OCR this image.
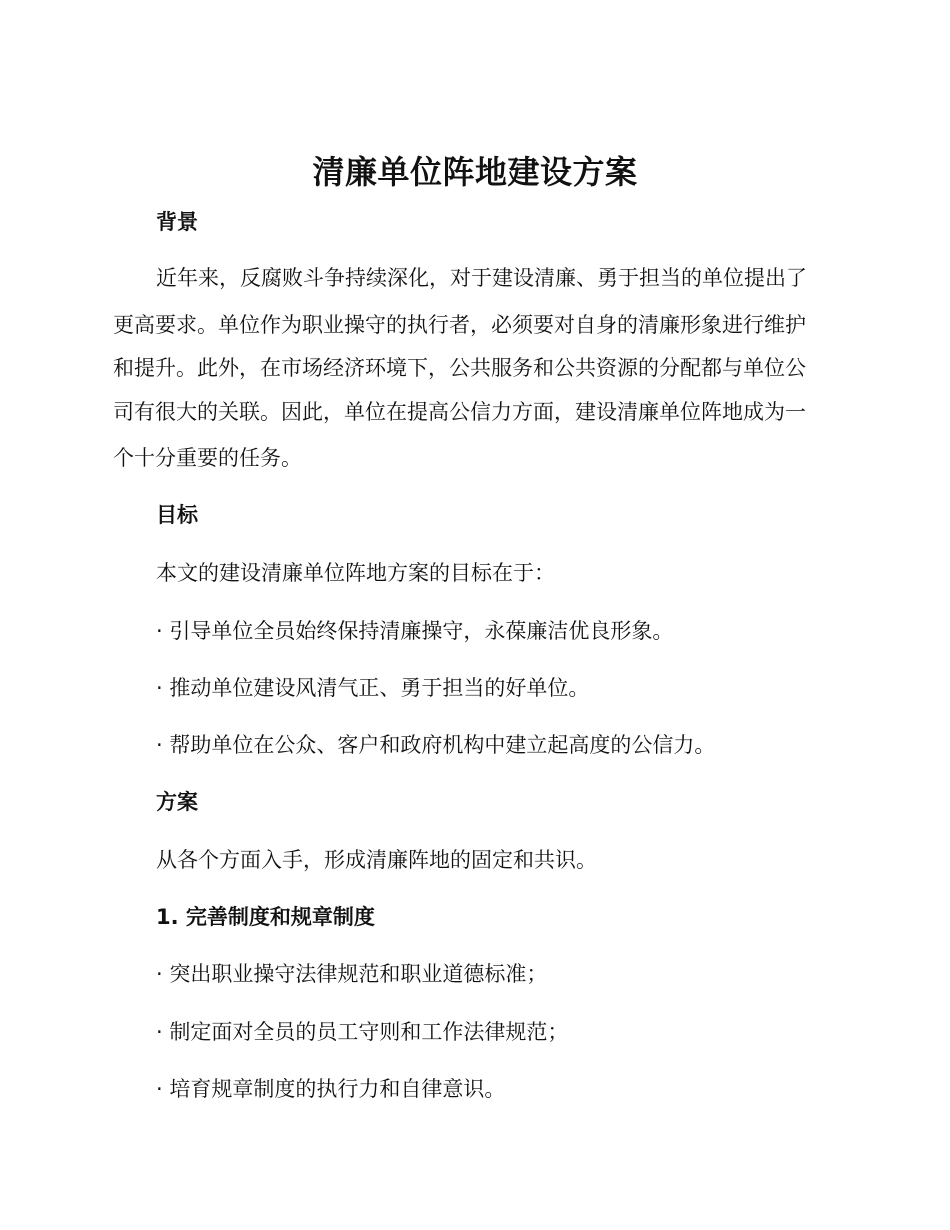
清廉单位阵地建设方案

背景

近年来，反腐败斗争持续深化，对于建设清廉、勇于担当的单位提出了

更高要求。单位作为职业操守的执行者，必须要对自身的清廉形象进行维护

和提升。此外，在市场经济环境下，公共服务和公共资源的分配都与单位公

司有很大的关联。因此，单位在提高公信力方面，建设清廉单位阵地成为一

个十分重要的任务。

目标

本文的建设清廉单位阵地方案的目标在于：

· 引导单位全员始终保持清廉操守，永葆廉洁优良形象。

· 推动单位建设风清气正、勇于担当的好单位。

· 帮助单位在公众、客户和政府机构中建立起高度的公信力。

方案

从各个方面入手，形成清廉阵地的固定和共识。

1. 完善制度和规章制度

· 突出职业操守法律规范和职业道德标准；

· 制定面对全员的员工守则和工作法律规范；

· 培育规章制度的执行力和自律意识。
